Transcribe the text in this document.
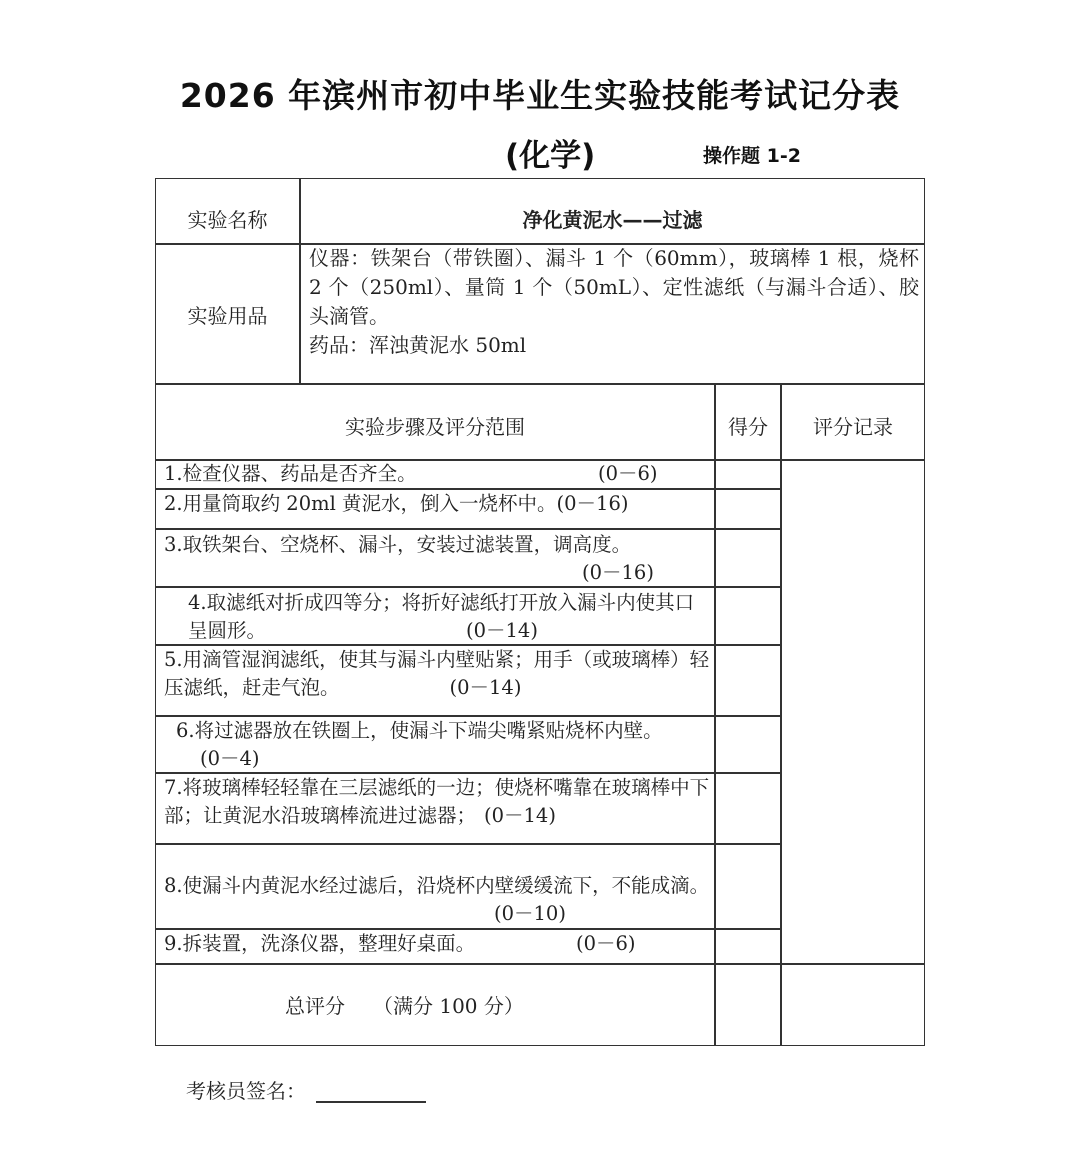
2026 年滨州市初中毕业生实验技能考试记分表
(化学)	操作题 1-2
实验名称	净化黄泥水——过滤
实验用品

仪器：铁架台（带铁圈）、漏斗 1 个（60mm），玻璃棒 1 根，烧杯 2 个（250ml）、量筒 1 个（50mL）、定性滤纸（与漏斗合适）、胶头滴管。

药品：浑浊黄泥水 50ml

实验步骤及评分范围	得分	评分记录
1.检查仪器、药品是否齐全。	(0－6)
2.用量筒取约 20ml 黄泥水，倒入一烧杯中。(0－16)
3.取铁架台、空烧杯、漏斗，安装过滤装置，调高度。
(0－16)
4.取滤纸对折成四等分；将折好滤纸打开放入漏斗内使其口呈圆形。	(0－14)
5.用滴管湿润滤纸，使其与漏斗内壁贴紧；用手（或玻璃棒）轻压滤纸，赶走气泡。	(0－14)
6.将过滤器放在铁圈上，使漏斗下端尖嘴紧贴烧杯内壁。
(0－4)
7.将玻璃棒轻轻靠在三层滤纸的一边；使烧杯嘴靠在玻璃棒中下部；让黄泥水沿玻璃棒流进过滤器； (0－14)
8.使漏斗内黄泥水经过滤后，沿烧杯内壁缓缓流下，不能成滴。(0－10)
9.拆装置，洗涤仪器，整理好桌面。	(0－6)
总评分 （满分 100 分）
考核员签名：
